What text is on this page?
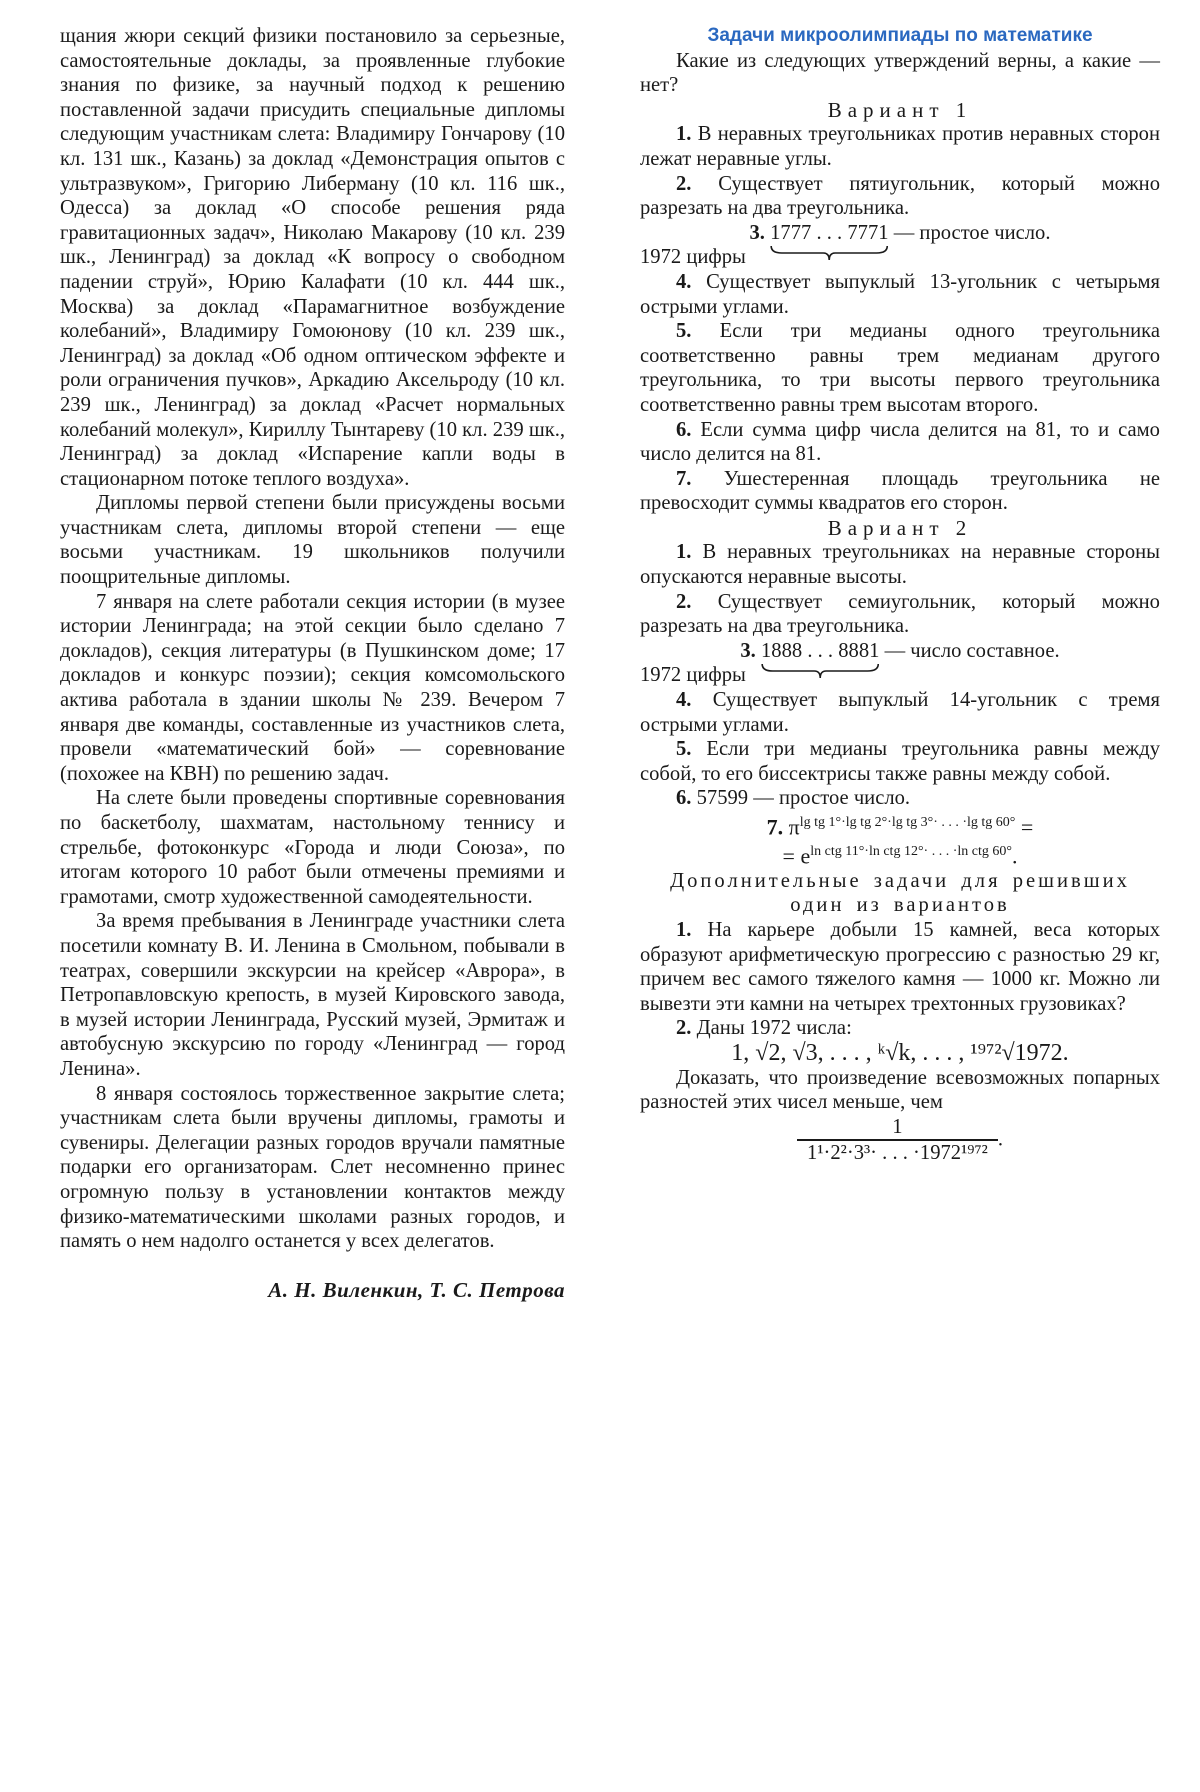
щания жюри секций физики постановило за серьезные, самостоятельные доклады, за проявленные глубокие знания по физике, за научный подход к решению поставленной задачи присудить специальные дипломы следующим участникам слета: Владимиру Гончарову (10 кл. 131 шк., Казань) за доклад «Демонстрация опытов с ультразвуком», Григорию Либерману (10 кл. 116 шк., Одесса) за доклад «О способе решения ряда гравитационных задач», Николаю Макарову (10 кл. 239 шк., Ленинград) за доклад «К вопросу о свободном падении струй», Юрию Калафати (10 кл. 444 шк., Москва) за доклад «Парамагнитное возбуждение колебаний», Владимиру Гомоюнову (10 кл. 239 шк., Ленинград) за доклад «Об одном оптическом эффекте и роли ограничения пучков», Аркадию Аксельроду (10 кл. 239 шк., Ленинград) за доклад «Расчет нормальных колебаний молекул», Кириллу Тынтареву (10 кл. 239 шк., Ленинград) за доклад «Испарение капли воды в стационарном потоке теплого воздуха».

Дипломы первой степени были присуждены восьми участникам слета, дипломы второй степени — еще восьми участникам. 19 школьников получили поощрительные дипломы.

7 января на слете работали секция истории (в музее истории Ленинграда; на этой секции было сделано 7 докладов), секция литературы (в Пушкинском доме; 17 докладов и конкурс поэзии); секция комсомольского актива работала в здании школы № 239. Вечером 7 января две команды, составленные из участников слета, провели «математический бой» — соревнование (похожее на КВН) по решению задач.

На слете были проведены спортивные соревнования по баскетболу, шахматам, настольному теннису и стрельбе, фотоконкурс «Города и люди Союза», по итогам которого 10 работ были отмечены премиями и грамотами, смотр художественной самодеятельности.

За время пребывания в Ленинграде участники слета посетили комнату В. И. Ленина в Смольном, побывали в театрах, совершили экскурсии на крейсер «Аврора», в Петропавловскую крепость, в музей Кировского завода, в музей истории Ленинграда, Русский музей, Эрмитаж и автобусную экскурсию по городу «Ленинград — город Ленина».

8 января состоялось торжественное закрытие слета; участникам слета были вручены дипломы, грамоты и сувениры. Делегации разных городов вручали памятные подарки его организаторам. Слет несомненно принес огромную пользу в установлении контактов между физико-математическими школами разных городов, и память о нем надолго останется у всех делегатов.

А. Н. Виленкин, Т. С. Петрова

Задачи микроолимпиады по математике

Какие из следующих утверждений верны, а какие — нет?

Вариант 1

1. В неравных треугольниках против неравных сторон лежат неравные углы.

2. Существует пятиугольник, который можно разрезать на два треугольника.

3. 1777 . . . 7771 — простое число.

1972 цифры

4. Существует выпуклый 13-угольник с четырьмя острыми углами.

5. Если три медианы одного треугольника соответственно равны трем медианам другого треугольника, то три высоты первого треугольника соответственно равны трем высотам второго.

6. Если сумма цифр числа делится на 81, то и само число делится на 81.

7. Ушестеренная площадь треугольника не превосходит суммы квадратов его сторон.

Вариант 2

1. В неравных треугольниках на неравные стороны опускаются неравные высоты.

2. Существует семиугольник, который можно разрезать на два треугольника.

3. 1888 . . . 8881 — число составное.

1972 цифры

4. Существует выпуклый 14-угольник с тремя острыми углами.

5. Если три медианы треугольника равны между собой, то его биссектрисы также равны между собой.

6. 57599 — простое число.

7. $\pi^{lg tg 1^\circ\cdot lg tg 2^\circ\cdot lg tg 3^\circ\cdot . . . \cdot lg tg 60^\circ}$ =

= $e^{ln ctg 11^\circ\cdot ln ctg 12^\circ\cdot . . . \cdot ln ctg 60^\circ}$.

Дополнительные задачи для решивших один из вариантов

1. На карьере добыли 15 камней, веса которых образуют арифметическую прогрессию с разностью 29 кг, причем вес самого тяжелого камня — 1000 кг. Можно ли вывезти эти камни на четырех трехтонных грузовиках?

2. Даны 1972 числа:

1, √2, √3, . . . , ᵏ√k, . . . , ¹⁹⁷²√1972.

Доказать, что произведение всевозможных попарных разностей этих чисел меньше, чем

$\frac{1}{\text{1¹·2²·3³· . . . ·1972¹⁹⁷²}}$ .
